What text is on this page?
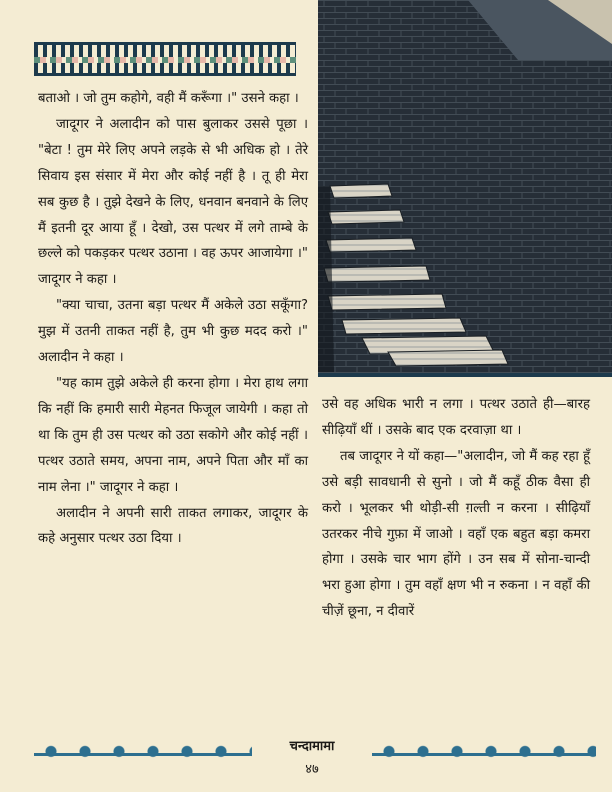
बताओ । जो तुम कहोगे, वही मैं करूँगा ।" उसने कहा ।

जादूगर ने अलादीन को पास बुलाकर उससे पूछा । "बेटा ! तुम मेरे लिए अपने लड़के से भी अधिक हो । तेरे सिवाय इस संसार में मेरा और कोई नहीं है । तू ही मेरा सब कुछ है । तुझे देखने के लिए, धनवान बनवाने के लिए मैं इतनी दूर आया हूँ । देखो, उस पत्थर में लगे ताम्बे के छल्ले को पकड़कर पत्थर उठाना । वह ऊपर आजायेगा ।" जादूगर ने कहा ।

"क्या चाचा, उतना बड़ा पत्थर मैं अकेले उठा सकूँगा? मुझ में उतनी ताकत नहीं है, तुम भी कुछ मदद करो ।" अलादीन ने कहा ।

"यह काम तुझे अकेले ही करना होगा । मेरा हाथ लगा कि नहीं कि हमारी सारी मेहनत फिजूल जायेगी । कहा तो था कि तुम ही उस पत्थर को उठा सकोगे और कोई नहीं । पत्थर उठाते समय, अपना नाम, अपने पिता और माँ का नाम लेना ।" जादूगर ने कहा ।

अलादीन ने अपनी सारी ताकत लगाकर, जादूगर के कहे अनुसार पत्थर उठा दिया ।

उसे वह अधिक भारी न लगा । पत्थर उठाते ही—बारह सीढ़ियाँ थीं । उसके बाद एक दरवाज़ा था ।

तब जादूगर ने यों कहा—"अलादीन, जो मैं कह रहा हूँ उसे बड़ी सावधानी से सुनो । जो मैं कहूँ ठीक वैसा ही करो । भूलकर भी थोड़ी-सी ग़ल्ती न करना । सीढ़ियाँ उतरकर नीचे गुफ़ा में जाओ । वहाँ एक बहुत बड़ा कमरा होगा । उसके चार भाग होंगे । उन सब में सोना-चान्दी भरा हुआ होगा । तुम वहाँ क्षण भी न रुकना । न वहाँ की चीज़ें छूना, न दीवारें

चन्दामामा
४७
